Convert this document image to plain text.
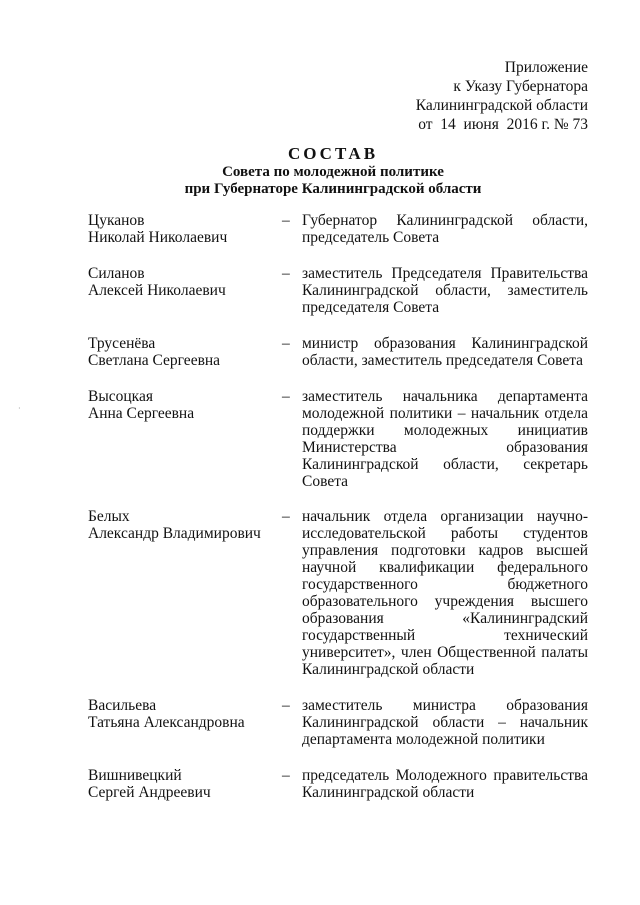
Приложение
к Указу Губернатора
Калининградской области
от  14  июня  2016 г. № 73
СОСТАВ
Совета по молодежной политике
при Губернаторе Калининградской области
Цуканов
Николай Николаевич
– Губернатор Калининградской области, председатель Совета
Силанов
Алексей Николаевич
– заместитель Председателя Правительства Калининградской области, заместитель председателя Совета
Трусенёва
Светлана Сергеевна
– министр образования Калининградской области, заместитель председателя Совета
Высоцкая
Анна Сергеевна
– заместитель начальника департамента молодежной политики – начальник отдела поддержки молодежных инициатив Министерства образования Калининградской области, секретарь Совета
Белых
Александр Владимирович
– начальник отдела организации научно-исследовательской работы студентов управления подготовки кадров высшей научной квалификации федерального государственного бюджетного образовательного учреждения высшего образования «Калининградский государственный технический университет», член Общественной палаты Калининградской области
Васильева
Татьяна Александровна
– заместитель министра образования Калининградской области – начальник департамента молодежной политики
Вишнивецкий
Сергей Андреевич
– председатель Молодежного правительства Калининградской области
·
